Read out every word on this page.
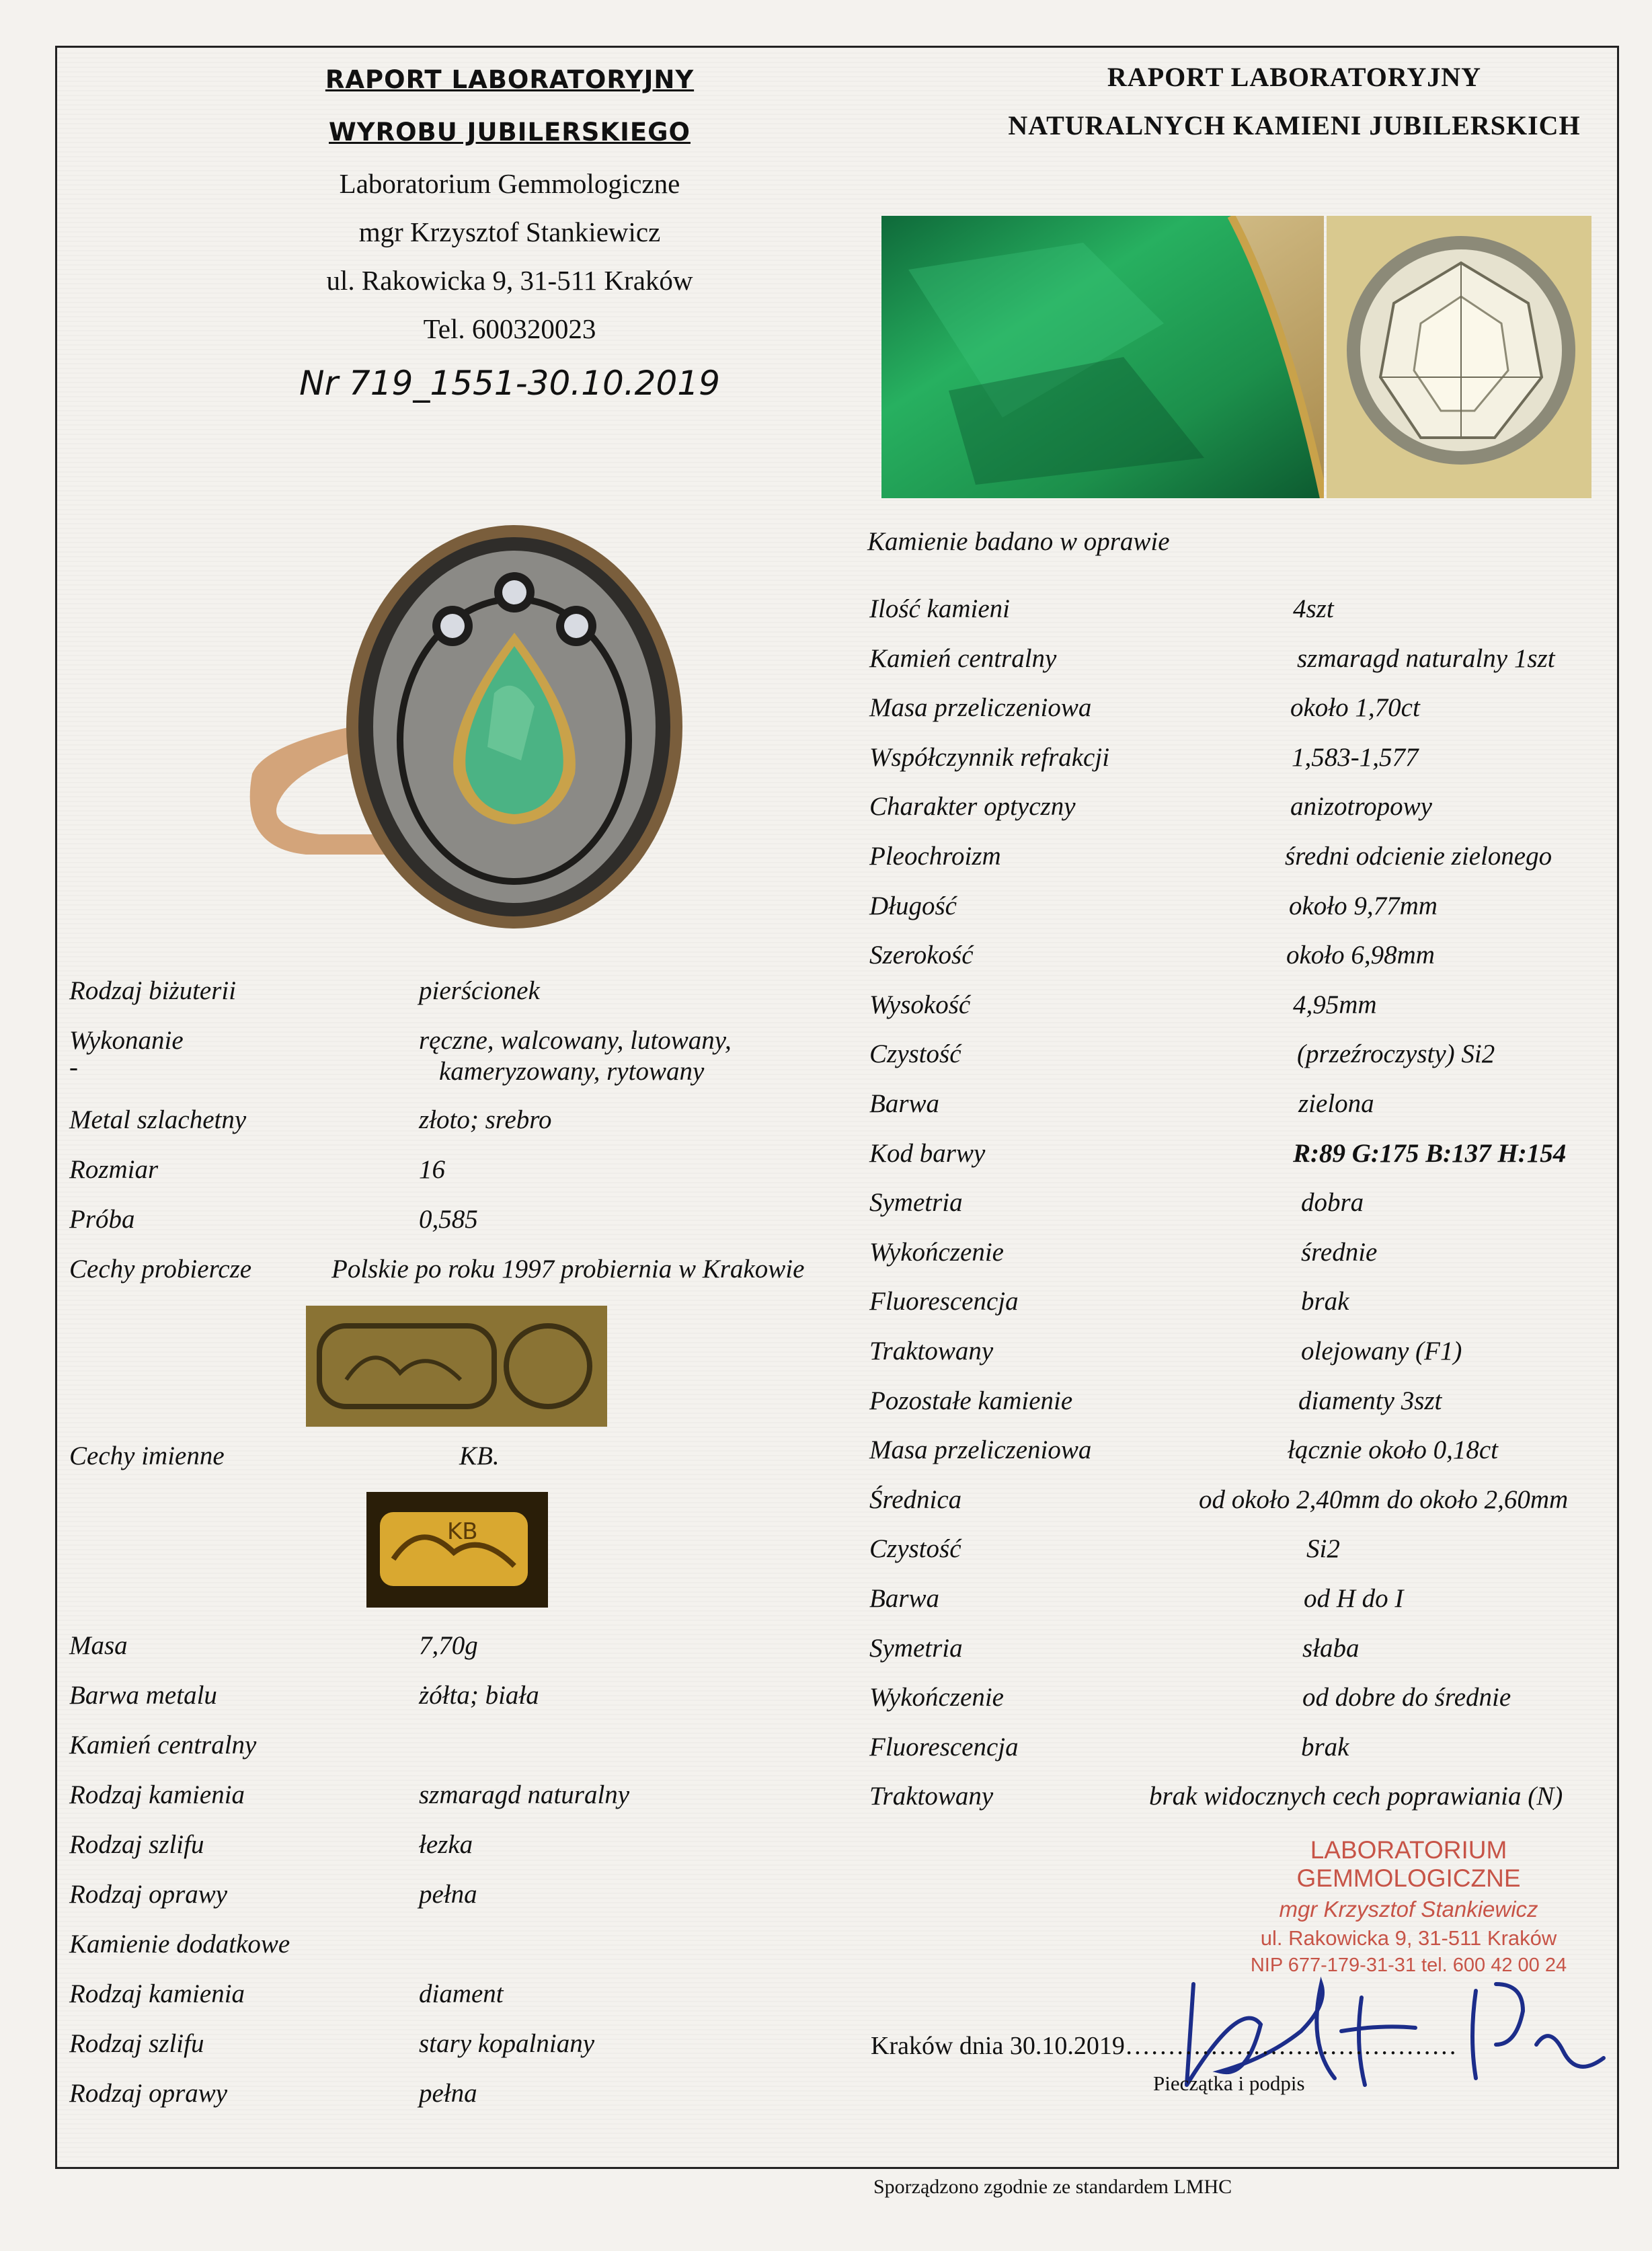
RAPORT LABORATORYJNY
WYROBU JUBILERSKIEGO
Laboratorium Gemmologiczne
mgr Krzysztof Stankiewicz
ul. Rakowicka 9, 31-511 Kraków
Tel. 600320023
Nr 719_1551-30.10.2019
RAPORT LABORATORYJNY
NATURALNYCH KAMIENI JUBILERSKICH
Rodzaj biżuterii	pierścionek
Wykonanie	ręczne, walcowany, lutowany,
kameryzowany, rytowany
-
Metal szlachetny	złoto; srebro
Rozmiar	16
Próba	0,585
Cechy probiercze	Polskie po roku 1997 probiernia w Krakowie
Cechy imienne	KB.
Masa	7,70g
Barwa metalu	żółta; biała
Kamień centralny
Rodzaj kamienia	szmaragd naturalny
Rodzaj szlifu	łezka
Rodzaj oprawy	pełna
Kamienie dodatkowe
Rodzaj kamienia	diament
Rodzaj szlifu	stary kopalniany
Rodzaj oprawy	pełna
KB
Kamienie badano w oprawie
Ilość kamieni	4szt
Kamień centralny	szmaragd naturalny 1szt
Masa przeliczeniowa	około 1,70ct
Współczynnik refrakcji	1,583-1,577
Charakter optyczny	anizotropowy
Pleochroizm	średni odcienie zielonego
Długość	około 9,77mm
Szerokość	około 6,98mm
Wysokość	4,95mm
Czystość	(przeźroczysty) Si2
Barwa	zielona
Kod barwy	R:89 G:175 B:137 H:154
Symetria	dobra
Wykończenie	średnie
Fluorescencja	brak
Traktowany	olejowany (F1)
Pozostałe kamienie	diamenty 3szt
Masa przeliczeniowa	łącznie około 0,18ct
Średnica	od około 2,40mm do około 2,60mm
Czystość	Si2
Barwa	od H do I
Symetria	słaba
Wykończenie	od dobre do średnie
Fluorescencja	brak
Traktowany	brak widocznych cech poprawiania (N)
LABORATORIUM GEMMOLOGICZNE
mgr Krzysztof Stankiewicz
ul. Rakowicka 9, 31-511 Kraków
NIP 677-179-31-31 tel. 600 42 00 24
Kraków dnia 30.10.2019…………………………………
Pieczątka i podpis
Sporządzono zgodnie ze standardem LMHC
